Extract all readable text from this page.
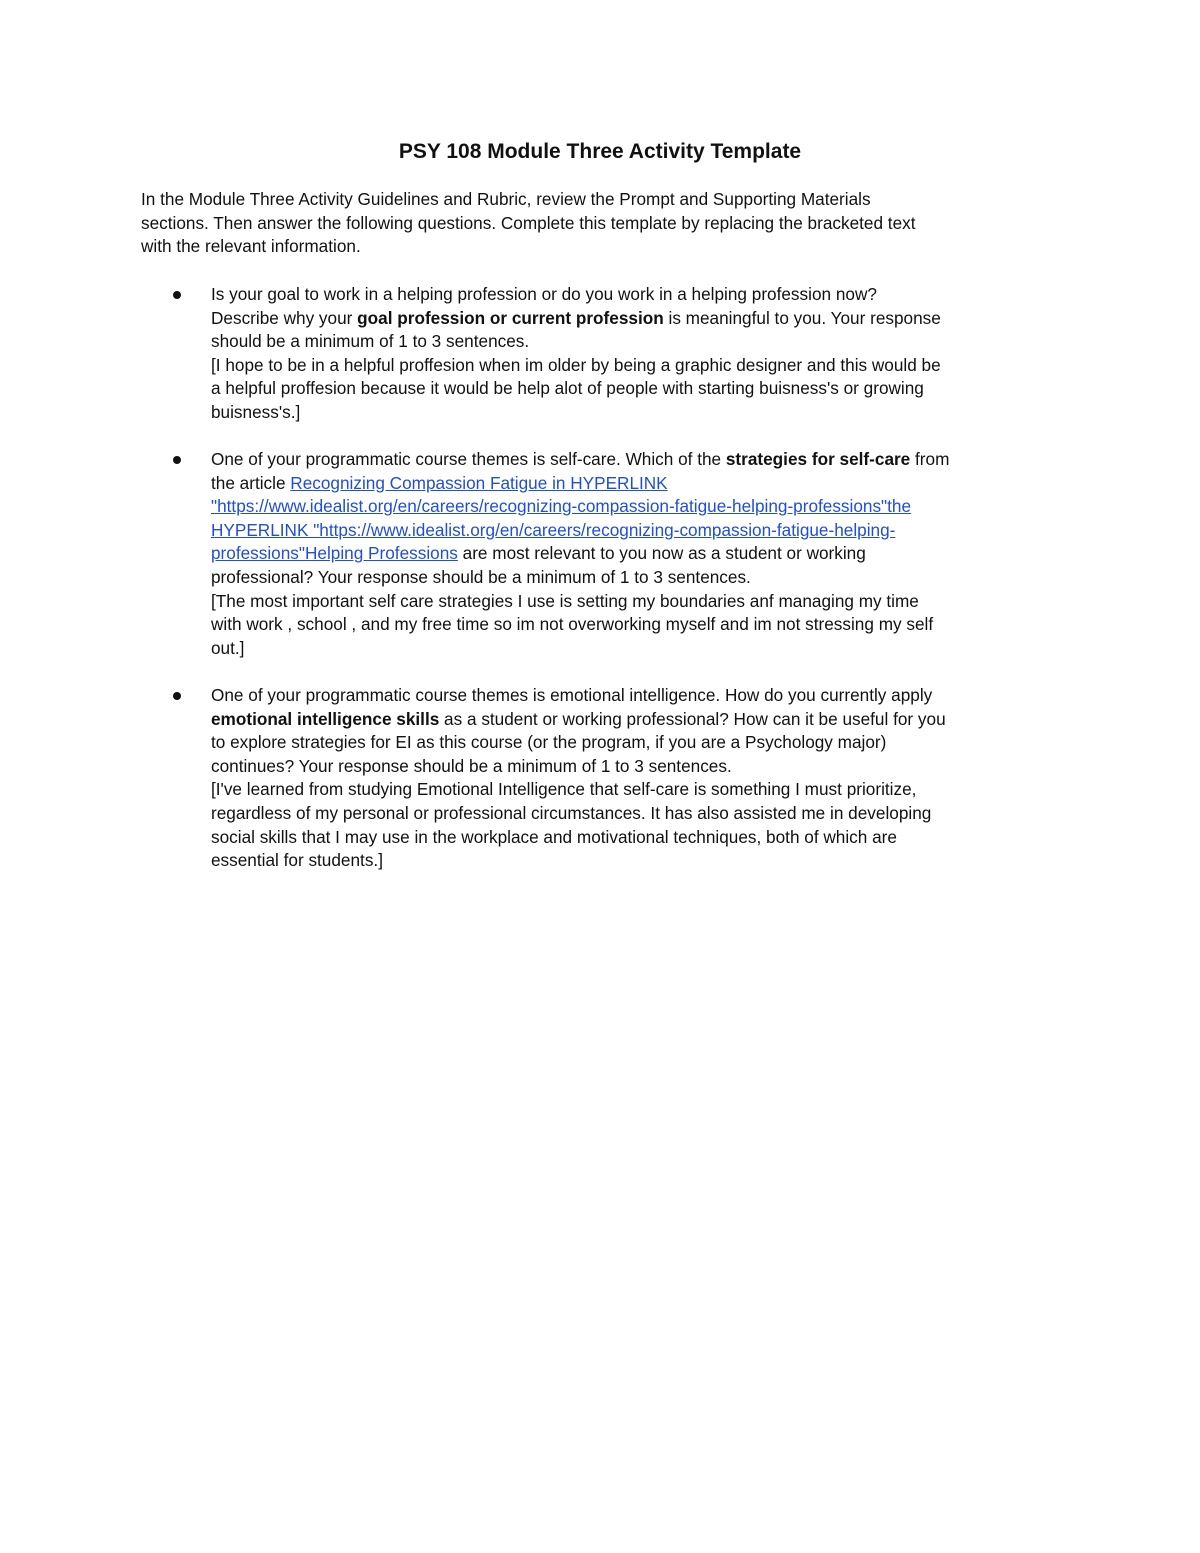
PSY 108 Module Three Activity Template

In the Module Three Activity Guidelines and Rubric, review the Prompt and Supporting Materials
sections. Then answer the following questions. Complete this template by replacing the bracketed text
with the relevant information.

Is your goal to work in a helping profession or do you work in a helping profession now?
Describe why your goal profession or current profession is meaningful to you. Your response
should be a minimum of 1 to 3 sentences.
[I hope to be in a helpful proffesion when im older by being a graphic designer and this would be
a helpful proffesion because it would be help alot of people with starting buisness's or growing
buisness's.]
One of your programmatic course themes is self-care. Which of the strategies for self-care from
the article Recognizing Compassion Fatigue in HYPERLINK
"https://www.idealist.org/en/careers/recognizing-compassion-fatigue-helping-professions"the
HYPERLINK "https://www.idealist.org/en/careers/recognizing-compassion-fatigue-helping-
professions"Helping Professions are most relevant to you now as a student or working
professional? Your response should be a minimum of 1 to 3 sentences.
[The most important self care strategies I use is setting my boundaries anf managing my time
with work , school , and my free time so im not overworking myself and im not stressing my self
out.]
One of your programmatic course themes is emotional intelligence. How do you currently apply
emotional intelligence skills as a student or working professional? How can it be useful for you
to explore strategies for EI as this course (or the program, if you are a Psychology major)
continues? Your response should be a minimum of 1 to 3 sentences.
[I've learned from studying Emotional Intelligence that self-care is something I must prioritize,
regardless of my personal or professional circumstances. It has also assisted me in developing
social skills that I may use in the workplace and motivational techniques, both of which are
essential for students.]
